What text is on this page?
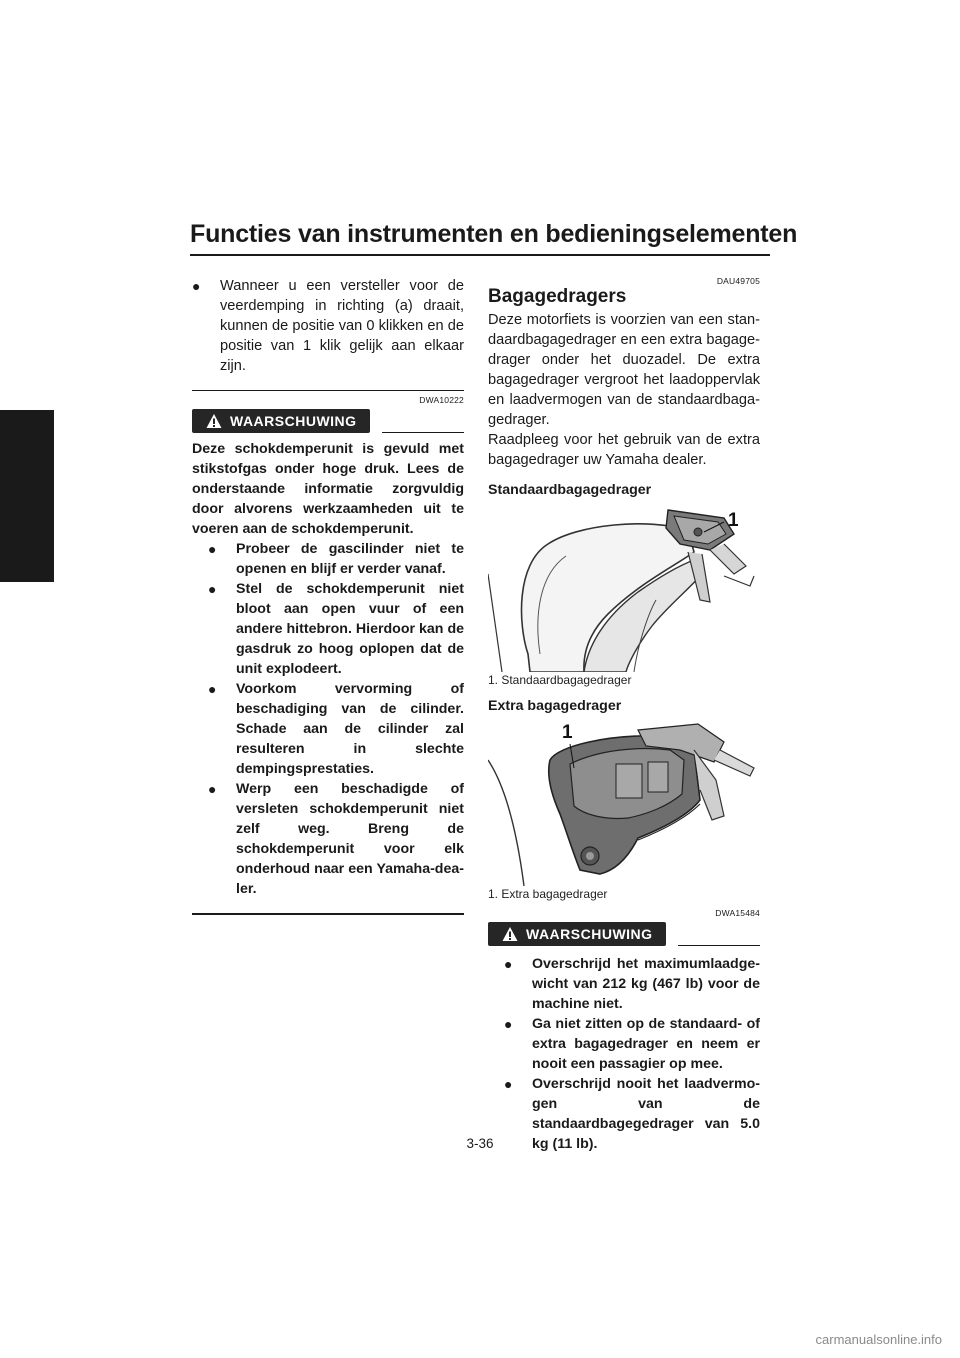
Functies van instrumenten en bedieningselementen
3
● Wanneer u een versteller voor de veerdemping in richting (a) draait, kunnen de positie van 0 klikken en de positie van 1 klik gelijk aan elkaar zijn.
DWA10222
WAARSCHUWING

Deze schokdemperunit is gevuld met stikstofgas onder hoge druk. Lees de onderstaande informatie zorgvuldig door alvorens werkzaamheden uit te voeren aan de schokdemperunit.

● Probeer de gascilinder niet te openen en blijf er verder vanaf.
● Stel de schokdemperunit niet bloot aan open vuur of een andere hittebron. Hierdoor kan de gasdruk zo hoog oplopen dat de unit explodeert.
● Voorkom vervorming of beschadiging van de cilinder. Schade aan de cilinder zal resulteren in slechte dempingsprestaties.
● Werp een beschadigde of versleten schokdemperunit niet zelf weg. Breng de schokdemperunit voor elk onderhoud naar een Yamaha-dealer.
DAU49705
Bagagedragers

Deze motorfiets is voorzien van een standaardbagagedrager en een extra bagagedrager onder het duozadel. De extra bagagedrager vergroot het laadoppervlak en laadvermogen van de standaardbagagedrager.

Raadpleeg voor het gebruik van de extra bagagedrager uw Yamaha dealer.

Standaardbagagedrager
1
1. Standaardbagagedrager
Extra bagagedrager
1
1. Extra bagagedrager
DWA15484
WAARSCHUWING
● Overschrijd het maximumlaadgewicht van 212 kg (467 lb) voor de machine niet.
● Ga niet zitten op de standaard- of extra bagagedrager en neem er nooit een passagier op mee.
● Overschrijd nooit het laadvermogen van de standaardbagegedrager van 5.0 kg (11 lb).
3-36
carmanualsonline.info
